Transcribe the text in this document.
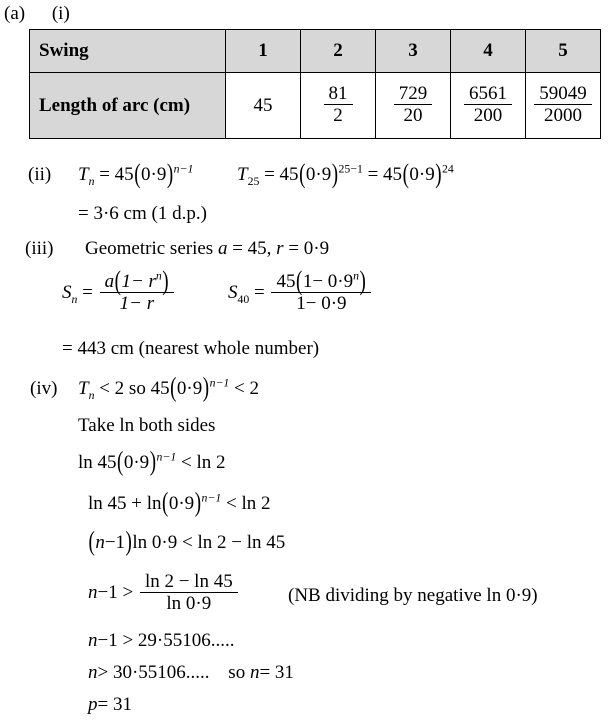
(a) (i)
Swing	1	2	3	4	5
Length of arc (cm)	45	$\frac{81}{2}$	$\frac{729}{20}$	$\frac{6561}{200}$	$\frac{59049}{2000}$
(ii) $T_n = 45(0\cdot 9)^{n-1}$ $T_{25} = 45(0\cdot 9)^{25-1} = 45(0\cdot 9)^{24}$
= 3·6 cm (1 d.p.)
(iii) Geometric series a = 45, r = 0·9
$S_n = \frac{a(1- r^n)}{1- r}$	$S_{40} = \frac{45(1- 0\cdot 9^n)}{1- 0\cdot 9}$
= 443 cm (nearest whole number)
(iv) $T_n < 2$ so $45(0\cdot 9)^{n-1} < 2$
Take ln both sides
$\ln 45(0\cdot 9)^{n-1} < \ln 2$
$\ln 45 + \ln(0\cdot 9)^{n-1} < \ln 2$
(n−1)ln 0·9 < ln 2 − ln 45
$n-1 > \frac{\ln 2 - \ln 45}{\ln 0\cdot 9}$	(NB dividing by negative ln 0·9)
n−1 > 29·55106.....
n> 30·55106..... so n= 31
p= 31
